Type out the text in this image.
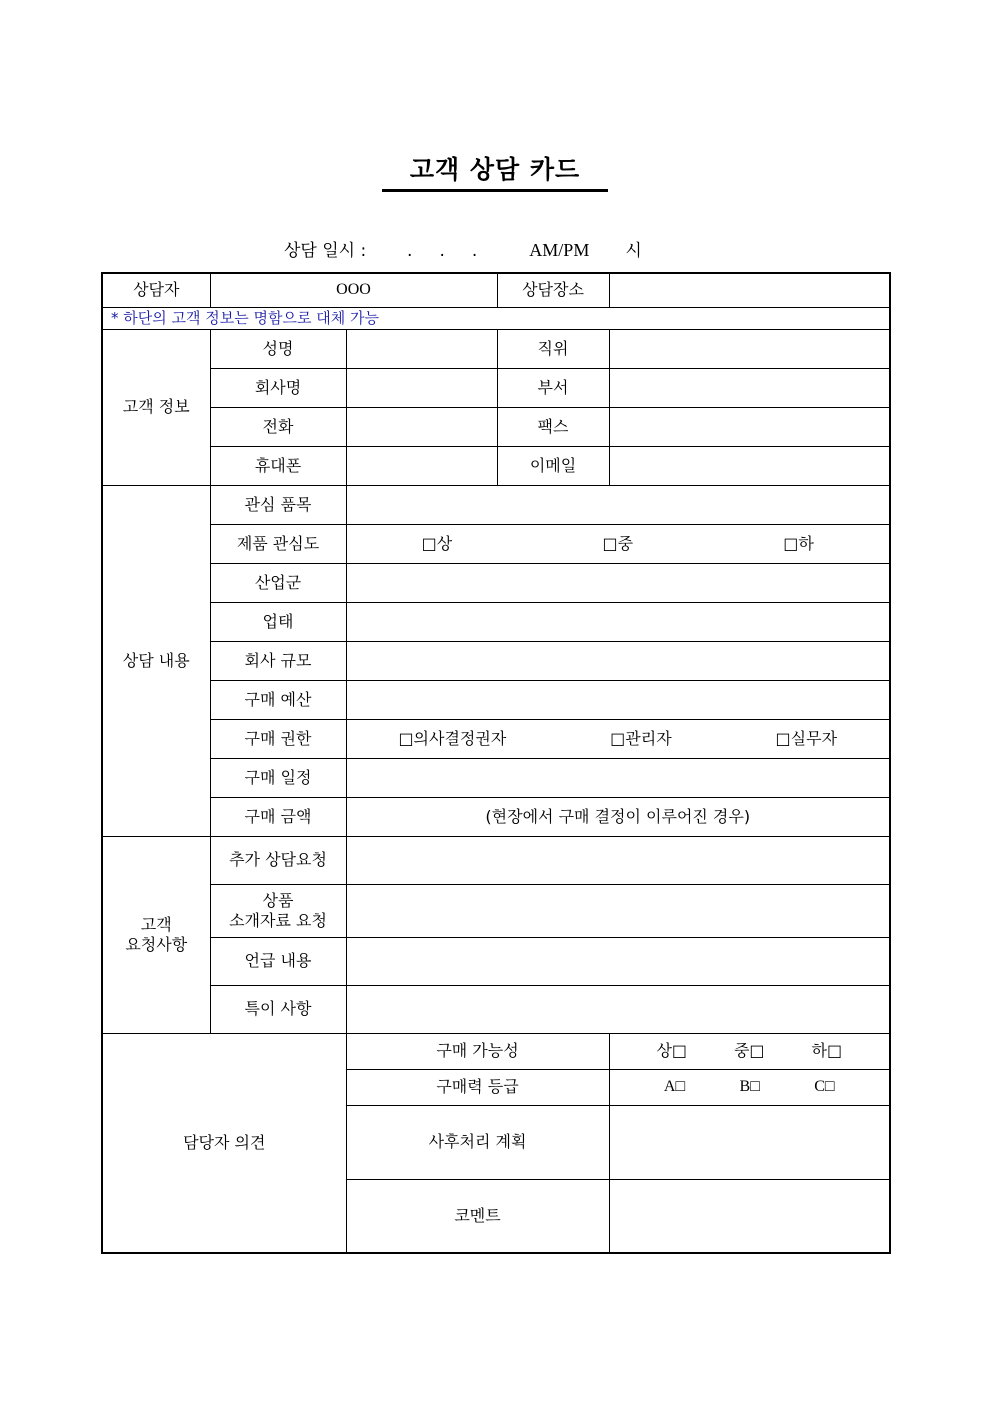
고객 상담 카드
상담 일시 :  .     .     .	AM/PM 시
상담자	OOO		상담장소	
* 하단의 고객 정보는 명함으로 대체 가능				
고객 정보	성명		직위	
	회사명		부서	
	전화		팩스	
	휴대폰		이메일	
상담 내용	관심 품목			
	제품 관심도	□상 □중 □하		

	산업군			
	업태			
	회사 규모			
	구매 예산			
	구매 권한	□의사결정권자 □관리자 □실무자		

	구매 일정			
	구매 금액	(현장에서 구매 결정이 이루어진 경우)		
고객
요청사항	추가 상담요청			
	상품
소개자료 요청			
	언급 내용			
	특이 사항			
담당자 의견		구매 가능성		상□ 중□ 하□

		구매력 등급		A□ B□ C□

		사후처리 계획		
		코멘트		
